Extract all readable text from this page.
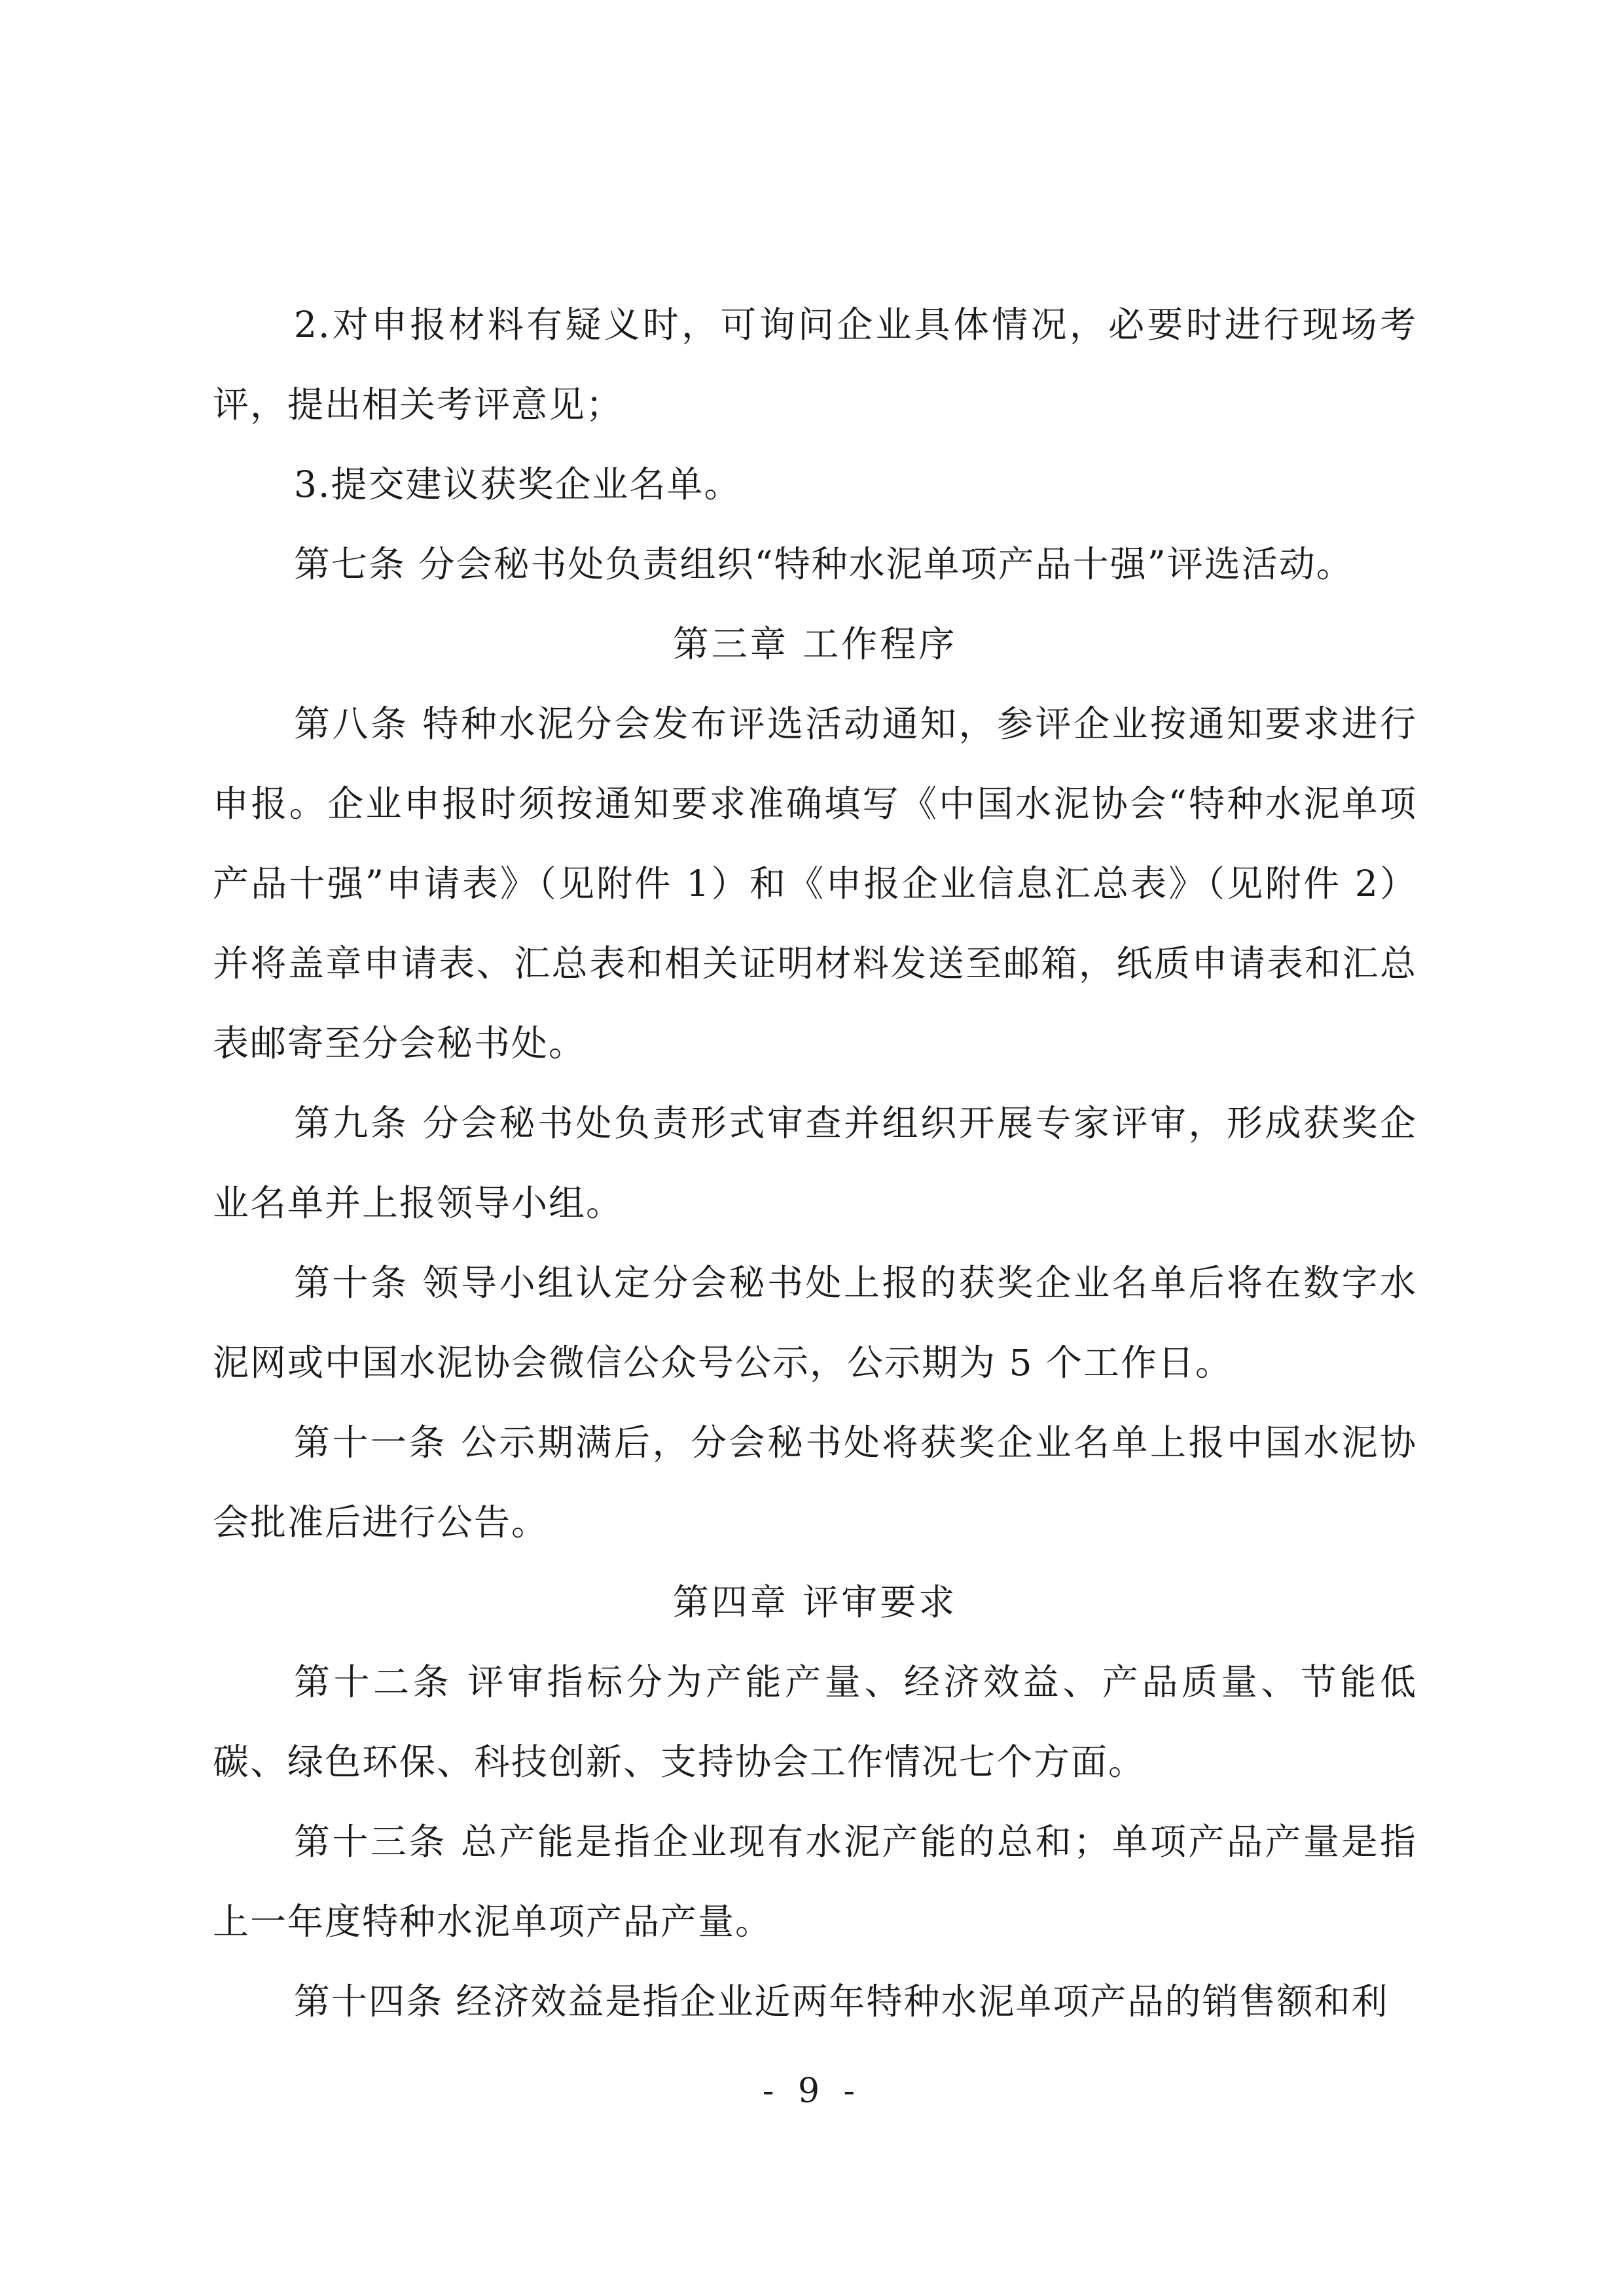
2.对申报材料有疑义时，可询问企业具体情况，必要时进行现场考评，提出相关考评意见；

3.提交建议获奖企业名单。

第七条 分会秘书处负责组织“特种水泥单项产品十强”评选活动。

第三章 工作程序

第八条 特种水泥分会发布评选活动通知，参评企业按通知要求进行申报。企业申报时须按通知要求准确填写《中国水泥协会“特种水泥单项产品十强”申请表》（见附件 1）和《申报企业信息汇总表》（见附件 2）并将盖章申请表、汇总表和相关证明材料发送至邮箱，纸质申请表和汇总表邮寄至分会秘书处。

第九条 分会秘书处负责形式审查并组织开展专家评审，形成获奖企业名单并上报领导小组。

第十条 领导小组认定分会秘书处上报的获奖企业名单后将在数字水泥网或中国水泥协会微信公众号公示，公示期为 5 个工作日。

第十一条 公示期满后，分会秘书处将获奖企业名单上报中国水泥协会批准后进行公告。

第四章 评审要求

第十二条 评审指标分为产能产量、经济效益、产品质量、节能低碳、绿色环保、科技创新、支持协会工作情况七个方面。

第十三条 总产能是指企业现有水泥产能的总和；单项产品产量是指上一年度特种水泥单项产品产量。

第十四条 经济效益是指企业近两年特种水泥单项产品的销售额和利

- 9 -
